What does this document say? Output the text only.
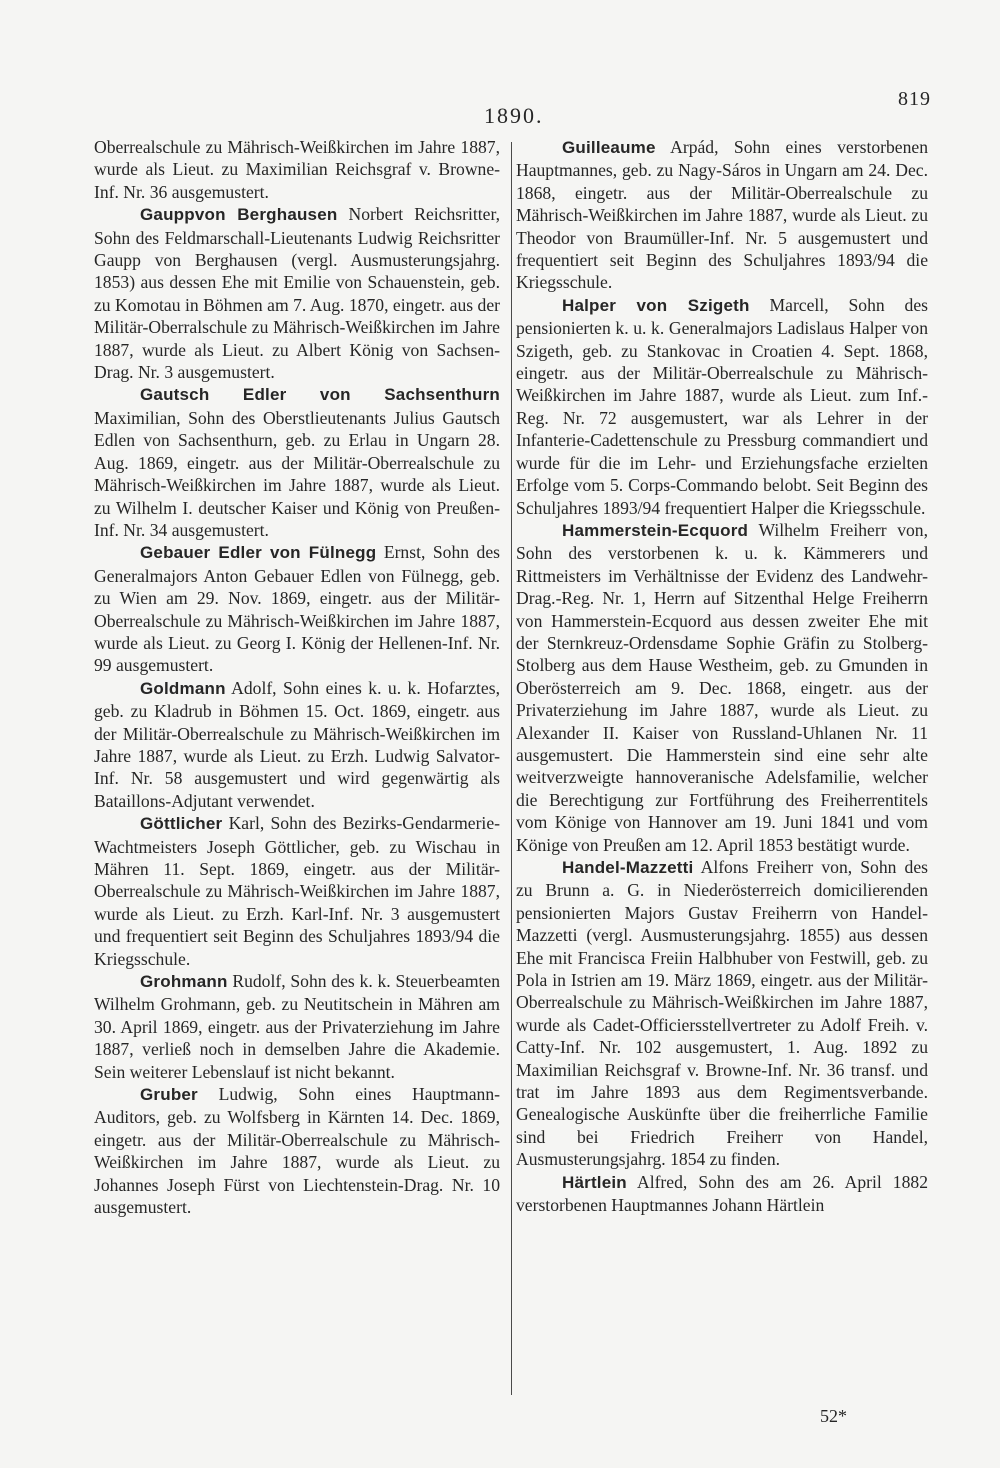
819
1890.

Oberrealschule zu Mährisch-Weißkirchen im Jahre 1887, wurde als Lieut. zu Maximilian Reichsgraf v. Browne-Inf. Nr. 36 ausgemustert.

Gauppvon Berghausen Norbert Reichsritter, Sohn des Feldmarschall-Lieutenants Ludwig Reichsritter Gaupp von Berghausen (vergl. Ausmusterungsjahrg. 1853) aus dessen Ehe mit Emilie von Schauenstein, geb. zu Komotau in Böhmen am 7. Aug. 1870, eingetr. aus der Militär-Oberralschule zu Mährisch-Weißkirchen im Jahre 1887, wurde als Lieut. zu Albert König von Sachsen-Drag. Nr. 3 ausgemustert.

Gautsch Edler von Sachsenthurn Maximilian, Sohn des Oberstlieutenants Julius Gautsch Edlen von Sachsenthurn, geb. zu Erlau in Ungarn 28. Aug. 1869, eingetr. aus der Militär-Oberrealschule zu Mährisch-Weißkirchen im Jahre 1887, wurde als Lieut. zu Wilhelm I. deutscher Kaiser und König von Preußen-Inf. Nr. 34 ausgemustert.

Gebauer Edler von Fülnegg Ernst, Sohn des Generalmajors Anton Gebauer Edlen von Fülnegg, geb. zu Wien am 29. Nov. 1869, eingetr. aus der Militär-Oberrealschule zu Mährisch-Weißkirchen im Jahre 1887, wurde als Lieut. zu Georg I. König der Hellenen-Inf. Nr. 99 ausgemustert.

Goldmann Adolf, Sohn eines k. u. k. Hofarztes, geb. zu Kladrub in Böhmen 15. Oct. 1869, eingetr. aus der Militär-Oberrealschule zu Mährisch-Weißkirchen im Jahre 1887, wurde als Lieut. zu Erzh. Ludwig Salvator-Inf. Nr. 58 ausgemustert und wird gegenwärtig als Bataillons-Adjutant verwendet.

Göttlicher Karl, Sohn des Bezirks-Gendarmerie-Wachtmeisters Joseph Göttlicher, geb. zu Wischau in Mähren 11. Sept. 1869, eingetr. aus der Militär-Oberrealschule zu Mährisch-Weißkirchen im Jahre 1887, wurde als Lieut. zu Erzh. Karl-Inf. Nr. 3 ausgemustert und frequentiert seit Beginn des Schuljahres 1893/94 die Kriegsschule.

Grohmann Rudolf, Sohn des k. k. Steuerbeamten Wilhelm Grohmann, geb. zu Neutitschein in Mähren am 30. April 1869, eingetr. aus der Privaterziehung im Jahre 1887, verließ noch in demselben Jahre die Akademie. Sein weiterer Lebenslauf ist nicht bekannt.

Gruber Ludwig, Sohn eines Hauptmann-Auditors, geb. zu Wolfsberg in Kärnten 14. Dec. 1869, eingetr. aus der Militär-Oberrealschule zu Mährisch-Weißkirchen im Jahre 1887, wurde als Lieut. zu Johannes Joseph Fürst von Liechtenstein-Drag. Nr. 10 ausgemustert.

Guilleaume Arpád, Sohn eines verstorbenen Hauptmannes, geb. zu Nagy-Sáros in Ungarn am 24. Dec. 1868, eingetr. aus der Militär-Oberrealschule zu Mährisch-Weißkirchen im Jahre 1887, wurde als Lieut. zu Theodor von Braumüller-Inf. Nr. 5 ausgemustert und frequentiert seit Beginn des Schuljahres 1893/94 die Kriegsschule.

Halper von Szigeth Marcell, Sohn des pensionierten k. u. k. Generalmajors Ladislaus Halper von Szigeth, geb. zu Stankovac in Croatien 4. Sept. 1868, eingetr. aus der Militär-Oberrealschule zu Mährisch-Weißkirchen im Jahre 1887, wurde als Lieut. zum Inf.-Reg. Nr. 72 ausgemustert, war als Lehrer in der Infanterie-Cadettenschule zu Pressburg commandiert und wurde für die im Lehr- und Erziehungsfache erzielten Erfolge vom 5. Corps-Commando belobt. Seit Beginn des Schuljahres 1893/94 frequentiert Halper die Kriegsschule.

Hammerstein-Ecquord Wilhelm Freiherr von, Sohn des verstorbenen k. u. k. Kämmerers und Rittmeisters im Verhältnisse der Evidenz des Landwehr-Drag.-Reg. Nr. 1, Herrn auf Sitzenthal Helge Freiherrn von Hammerstein-Ecquord aus dessen zweiter Ehe mit der Sternkreuz-Ordensdame Sophie Gräfin zu Stolberg-Stolberg aus dem Hause Westheim, geb. zu Gmunden in Oberösterreich am 9. Dec. 1868, eingetr. aus der Privaterziehung im Jahre 1887, wurde als Lieut. zu Alexander II. Kaiser von Russland-Uhlanen Nr. 11 ausgemustert. Die Hammerstein sind eine sehr alte weitverzweigte hannoveranische Adelsfamilie, welcher die Berechtigung zur Fortführung des Freiherrentitels vom Könige von Hannover am 19. Juni 1841 und vom Könige von Preußen am 12. April 1853 bestätigt wurde.

Handel-Mazzetti Alfons Freiherr von, Sohn des zu Brunn a. G. in Niederösterreich domicilierenden pensionierten Majors Gustav Freiherrn von Handel-Mazzetti (vergl. Ausmusterungsjahrg. 1855) aus dessen Ehe mit Francisca Freiin Halbhuber von Festwill, geb. zu Pola in Istrien am 19. März 1869, eingetr. aus der Militär-Oberrealschule zu Mährisch-Weißkirchen im Jahre 1887, wurde als Cadet-Officiersstellvertreter zu Adolf Freih. v. Catty-Inf. Nr. 102 ausgemustert, 1. Aug. 1892 zu Maximilian Reichsgraf v. Browne-Inf. Nr. 36 transf. und trat im Jahre 1893 aus dem Regimentsverbande. Genealogische Auskünfte über die freiherrliche Familie sind bei Friedrich Freiherr von Handel, Ausmusterungsjahrg. 1854 zu finden.

Härtlein Alfred, Sohn des am 26. April 1882 verstorbenen Hauptmannes Johann Härtlein

52*
